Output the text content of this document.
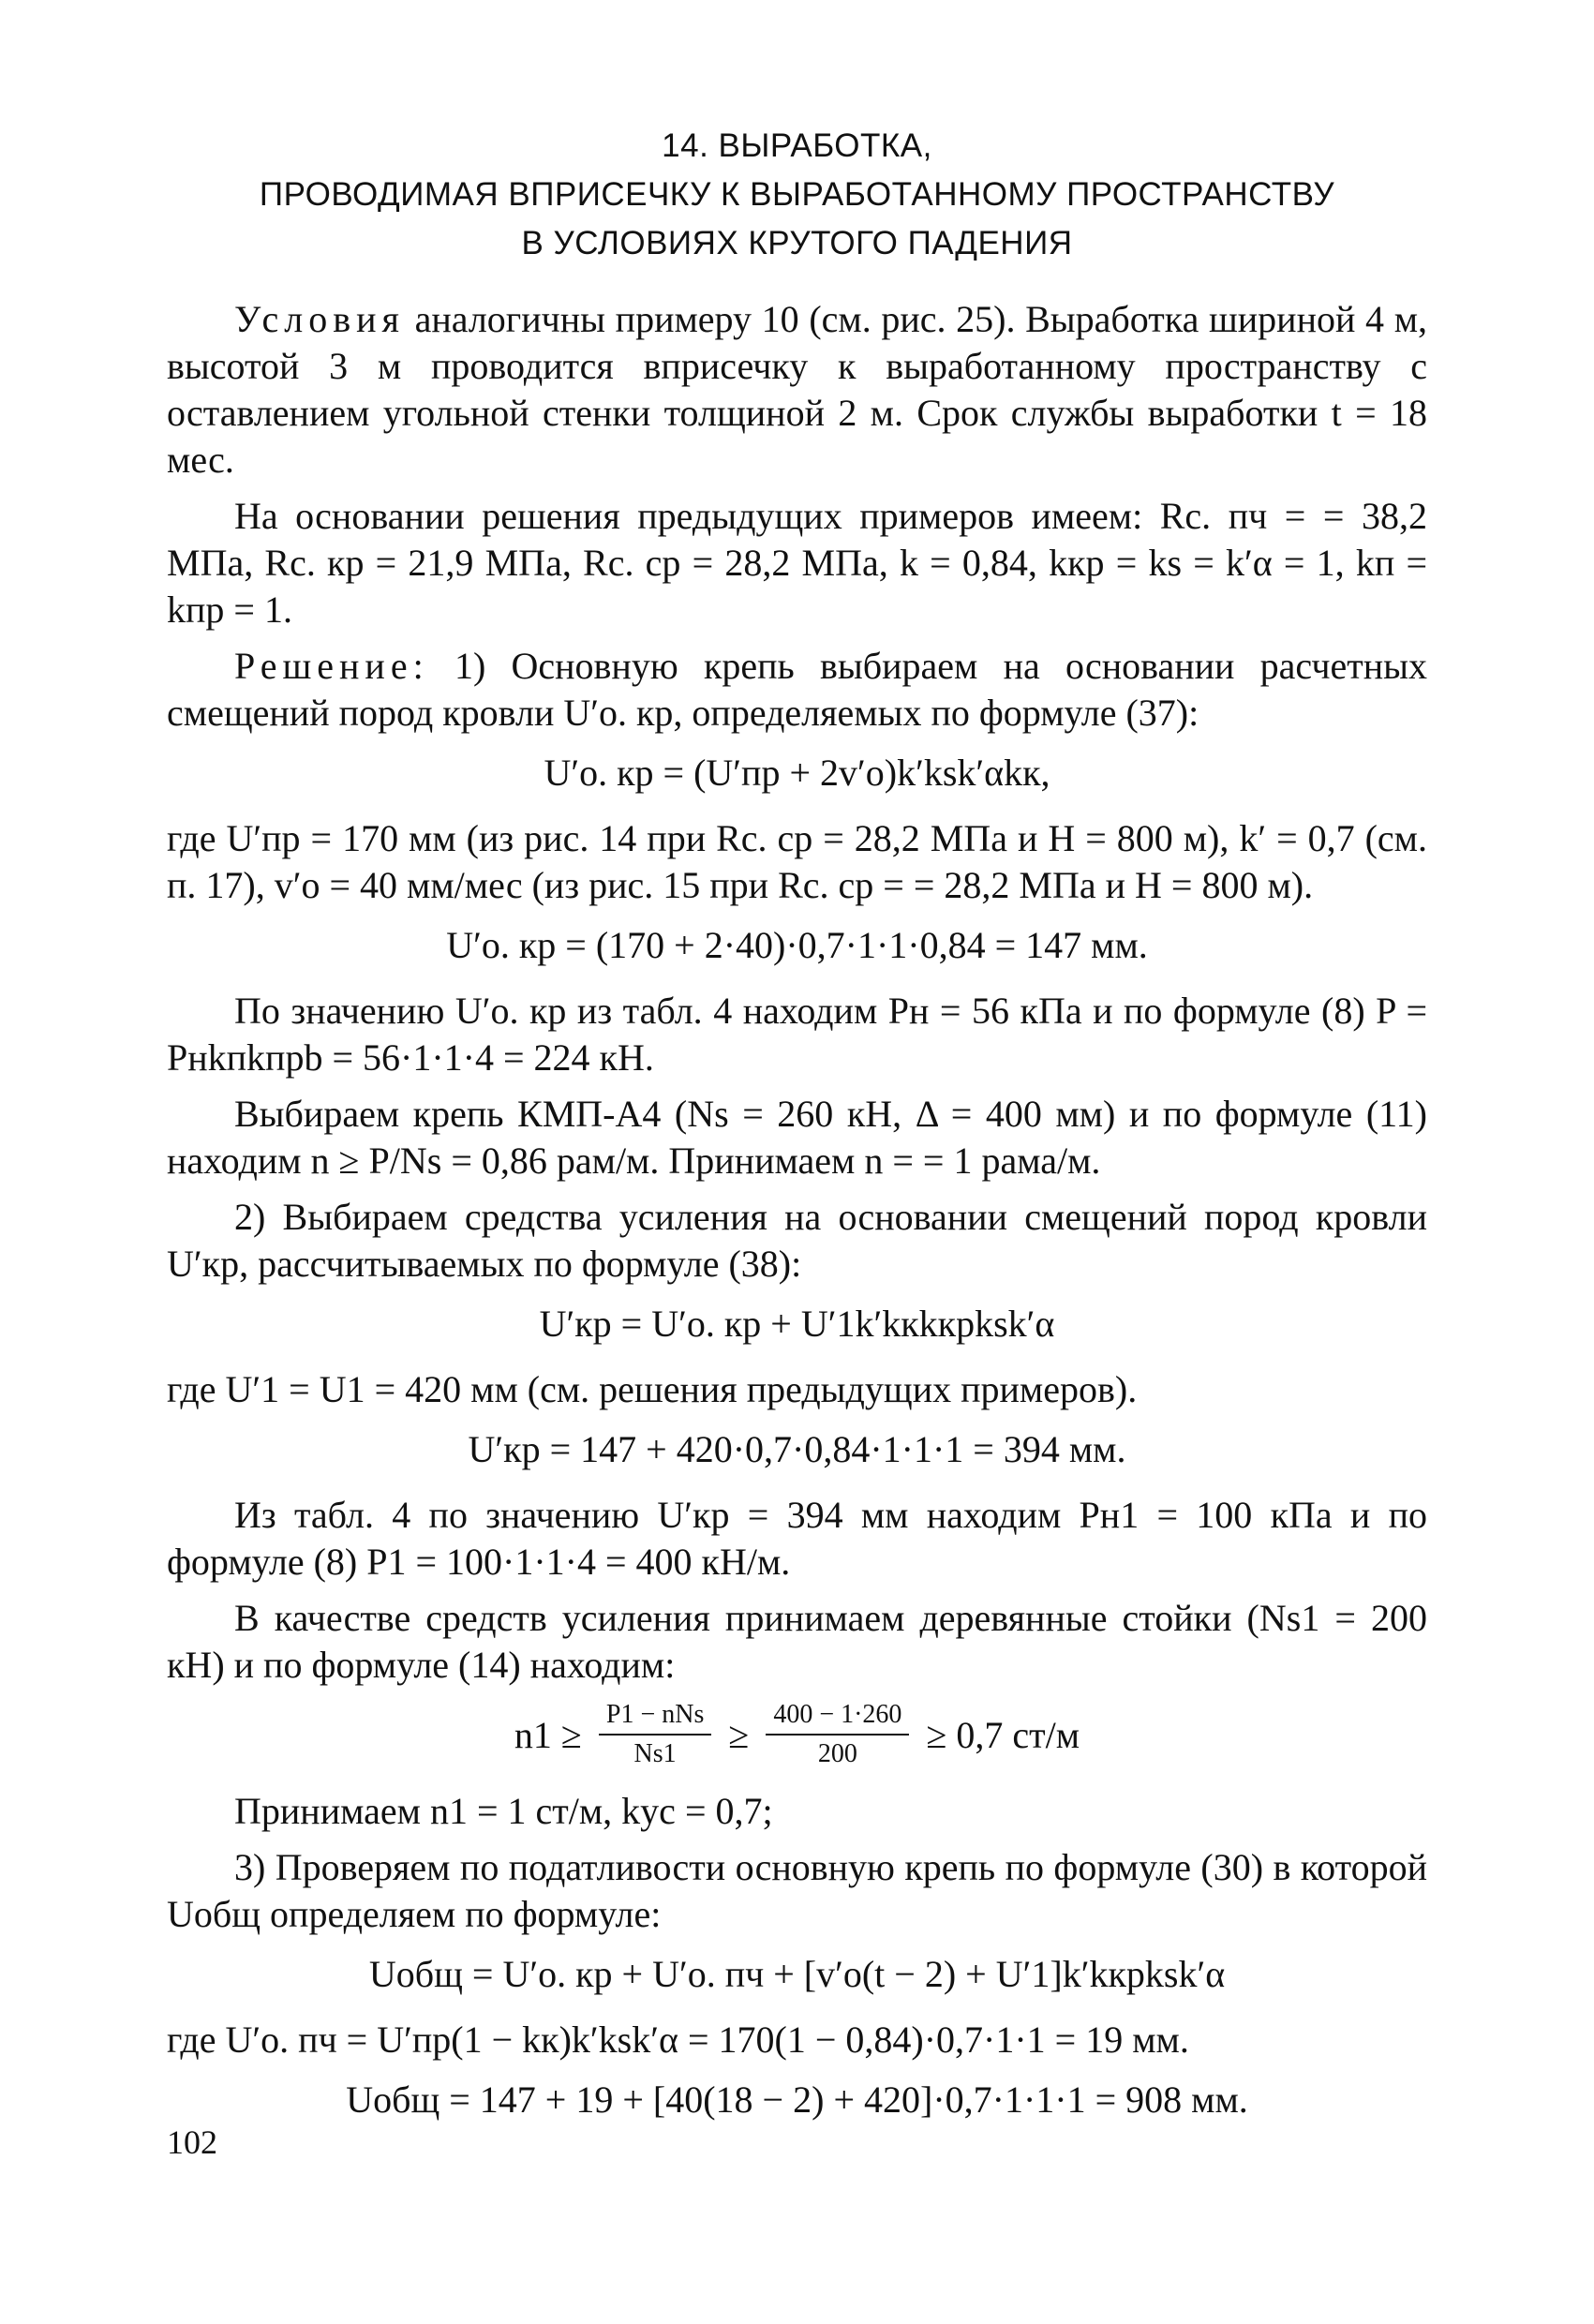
14. ВЫРАБОТКА,
ПРОВОДИМАЯ ВПРИСЕЧКУ К ВЫРАБОТАННОМУ ПРОСТРАНСТВУ
В УСЛОВИЯХ КРУТОГО ПАДЕНИЯ

Условия аналогичны примеру 10 (см. рис. 25). Выработка шириной 4 м, высотой 3 м проводится вприсечку к выработанному пространству с оставлением угольной стенки толщиной 2 м. Срок службы выработки t = 18 мес.

На основании решения предыдущих примеров имеем: Rс. пч = = 38,2 МПа, Rс. кр = 21,9 МПа, Rс. ср = 28,2 МПа, k = 0,84, kкр = ks = k′α = 1, kп = kпр = 1.

Решение: 1) Основную крепь выбираем на основании расчетных смещений пород кровли U′о. кр, определяемых по формуле (37):

U′о. кр = (U′пр + 2v′о)k′ksk′αkк,

где U′пр = 170 мм (из рис. 14 при Rс. ср = 28,2 МПа и H = 800 м), k′ = 0,7 (см. п. 17), v′о = 40 мм/мес (из рис. 15 при Rс. ср = = 28,2 МПа и H = 800 м).

U′о. кр = (170 + 2·40)·0,7·1·1·0,84 = 147 мм.

По значению U′о. кр из табл. 4 находим Pн = 56 кПа и по формуле (8) P = Pнkпkпрb = 56·1·1·4 = 224 кН.

Выбираем крепь КМП-А4 (Ns = 260 кН, Δ = 400 мм) и по формуле (11) находим n ≥ P/Ns = 0,86 рам/м. Принимаем n = = 1 рама/м.

2) Выбираем средства усиления на основании смещений пород кровли U′кр, рассчитываемых по формуле (38):

U′кр = U′о. кр + U′1k′kкkкрksk′α

где U′1 = U1 = 420 мм (см. решения предыдущих примеров).

U′кр = 147 + 420·0,7·0,84·1·1·1 = 394 мм.

Из табл. 4 по значению U′кр = 394 мм находим Pн1 = 100 кПа и по формуле (8) P1 = 100·1·1·4 = 400 кН/м.

В качестве средств усиления принимаем деревянные стойки (Ns1 = 200 кН) и по формуле (14) находим:

$n1 \ge \frac{\text{P1 − nNs}}{Ns1} \ge \frac{400 - 1\cdot 260}{200} \ge 0,7$ ст/м

Принимаем n1 = 1 ст/м, kус = 0,7;

3) Проверяем по податливости основную крепь по формуле (30) в которой Uобщ определяем по формуле:

Uобщ = U′о. кр + U′о. пч + [v′о(t − 2) + U′1]k′kкрksk′α

где U′о. пч = U′пр(1 − kк)k′ksk′α = 170(1 − 0,84)·0,7·1·1 = 19 мм.

Uобщ = 147 + 19 + [40(18 − 2) + 420]·0,7·1·1·1 = 908 мм.
102
